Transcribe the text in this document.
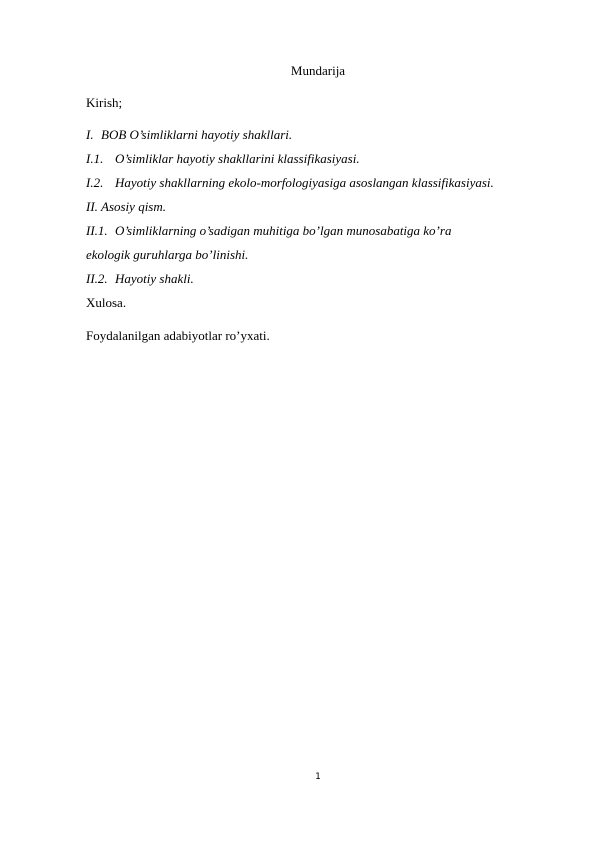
Mundarija
Kirish;
I. BOB O’simliklarni hayotiy shakllari.
I.1. O’simliklar hayotiy shakllarini klassifikasiyasi.
I.2. Hayotiy shakllarning ekolo-morfologiyasiga asoslangan klassifikasiyasi.
II. Asosiy qism.
II.1. O’simliklarning o’sadigan muhitiga bo’lgan munosabatiga ko’ra
ekologik guruhlarga bo’linishi.
II.2. Hayotiy shakli.
Xulosa.
Foydalanilgan adabiyotlar ro’yxati.
1
